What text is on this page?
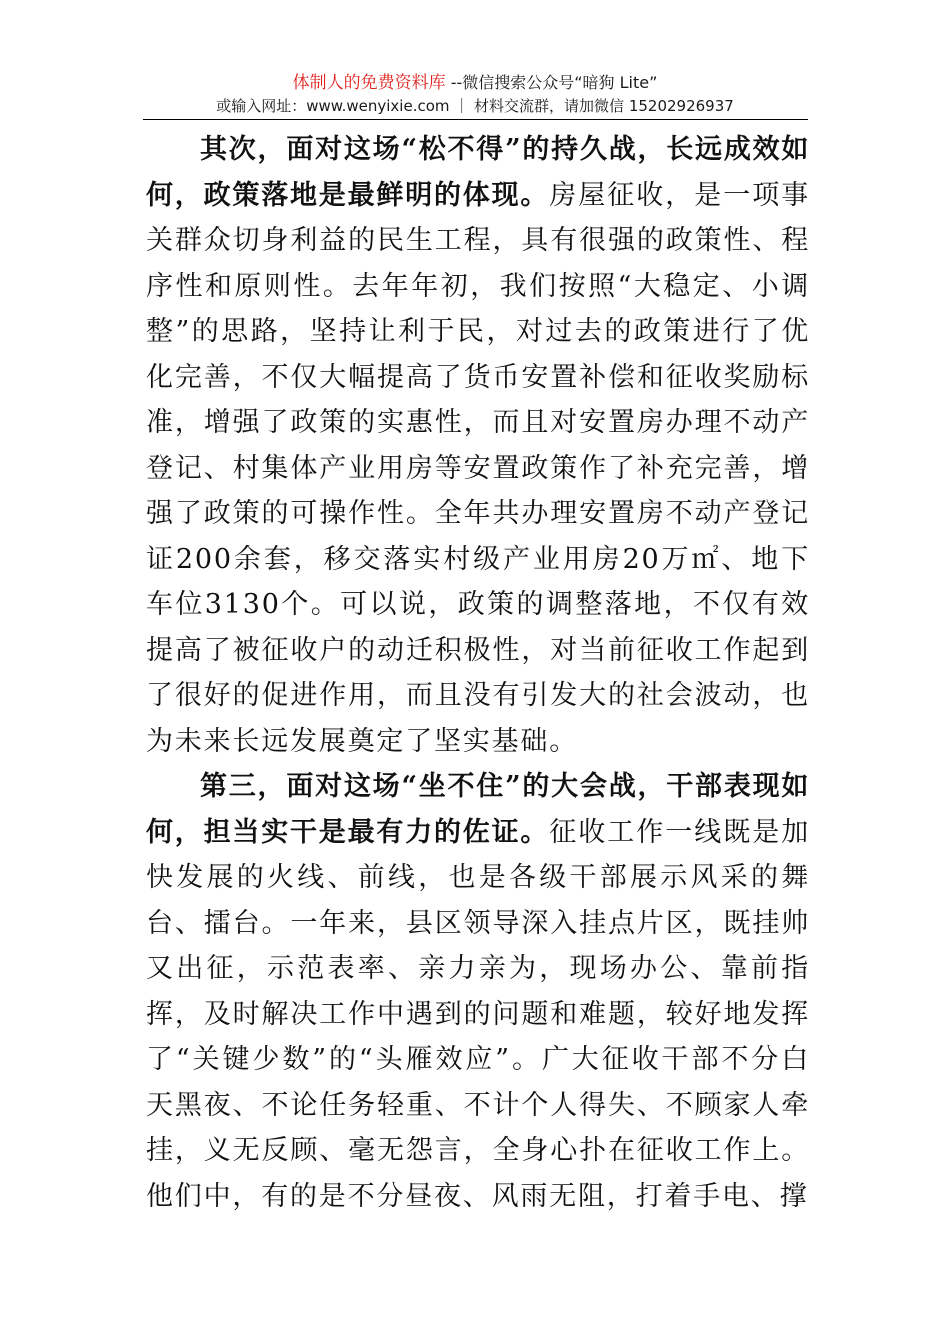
体制人的免费资料库 --微信搜索公众号“暗狗 Lite”
或输入网址：www.wenyixie.com ｜ 材料交流群，请加微信 15202926937

其次，面对这场“松不得”的持久战，长远成效如何，政策落地是最鲜明的体现。房屋征收，是一项事关群众切身利益的民生工程，具有很强的政策性、程序性和原则性。去年年初，我们按照“大稳定、小调整”的思路，坚持让利于民，对过去的政策进行了优化完善，不仅大幅提高了货币安置补偿和征收奖励标准，增强了政策的实惠性，而且对安置房办理不动产登记、村集体产业用房等安置政策作了补充完善，增强了政策的可操作性。全年共办理安置房不动产登记证200余套，移交落实村级产业用房20万㎡、地下车位3130个。可以说，政策的调整落地，不仅有效提高了被征收户的动迁积极性，对当前征收工作起到了很好的促进作用，而且没有引发大的社会波动，也为未来长远发展奠定了坚实基础。

第三，面对这场“坐不住”的大会战，干部表现如何，担当实干是最有力的佐证。征收工作一线既是加快发展的火线、前线，也是各级干部展示风采的舞台、擂台。一年来，县区领导深入挂点片区，既挂帅又出征，示范表率、亲力亲为，现场办公、靠前指挥，及时解决工作中遇到的问题和难题，较好地发挥了“关键少数”的“头雁效应”。广大征收干部不分白天黑夜、不论任务轻重、不计个人得失、不顾家人牵挂，义无反顾、毫无怨言，全身心扑在征收工作上。他们中，有的是不分昼夜、风雨无阻，打着手电、撑
